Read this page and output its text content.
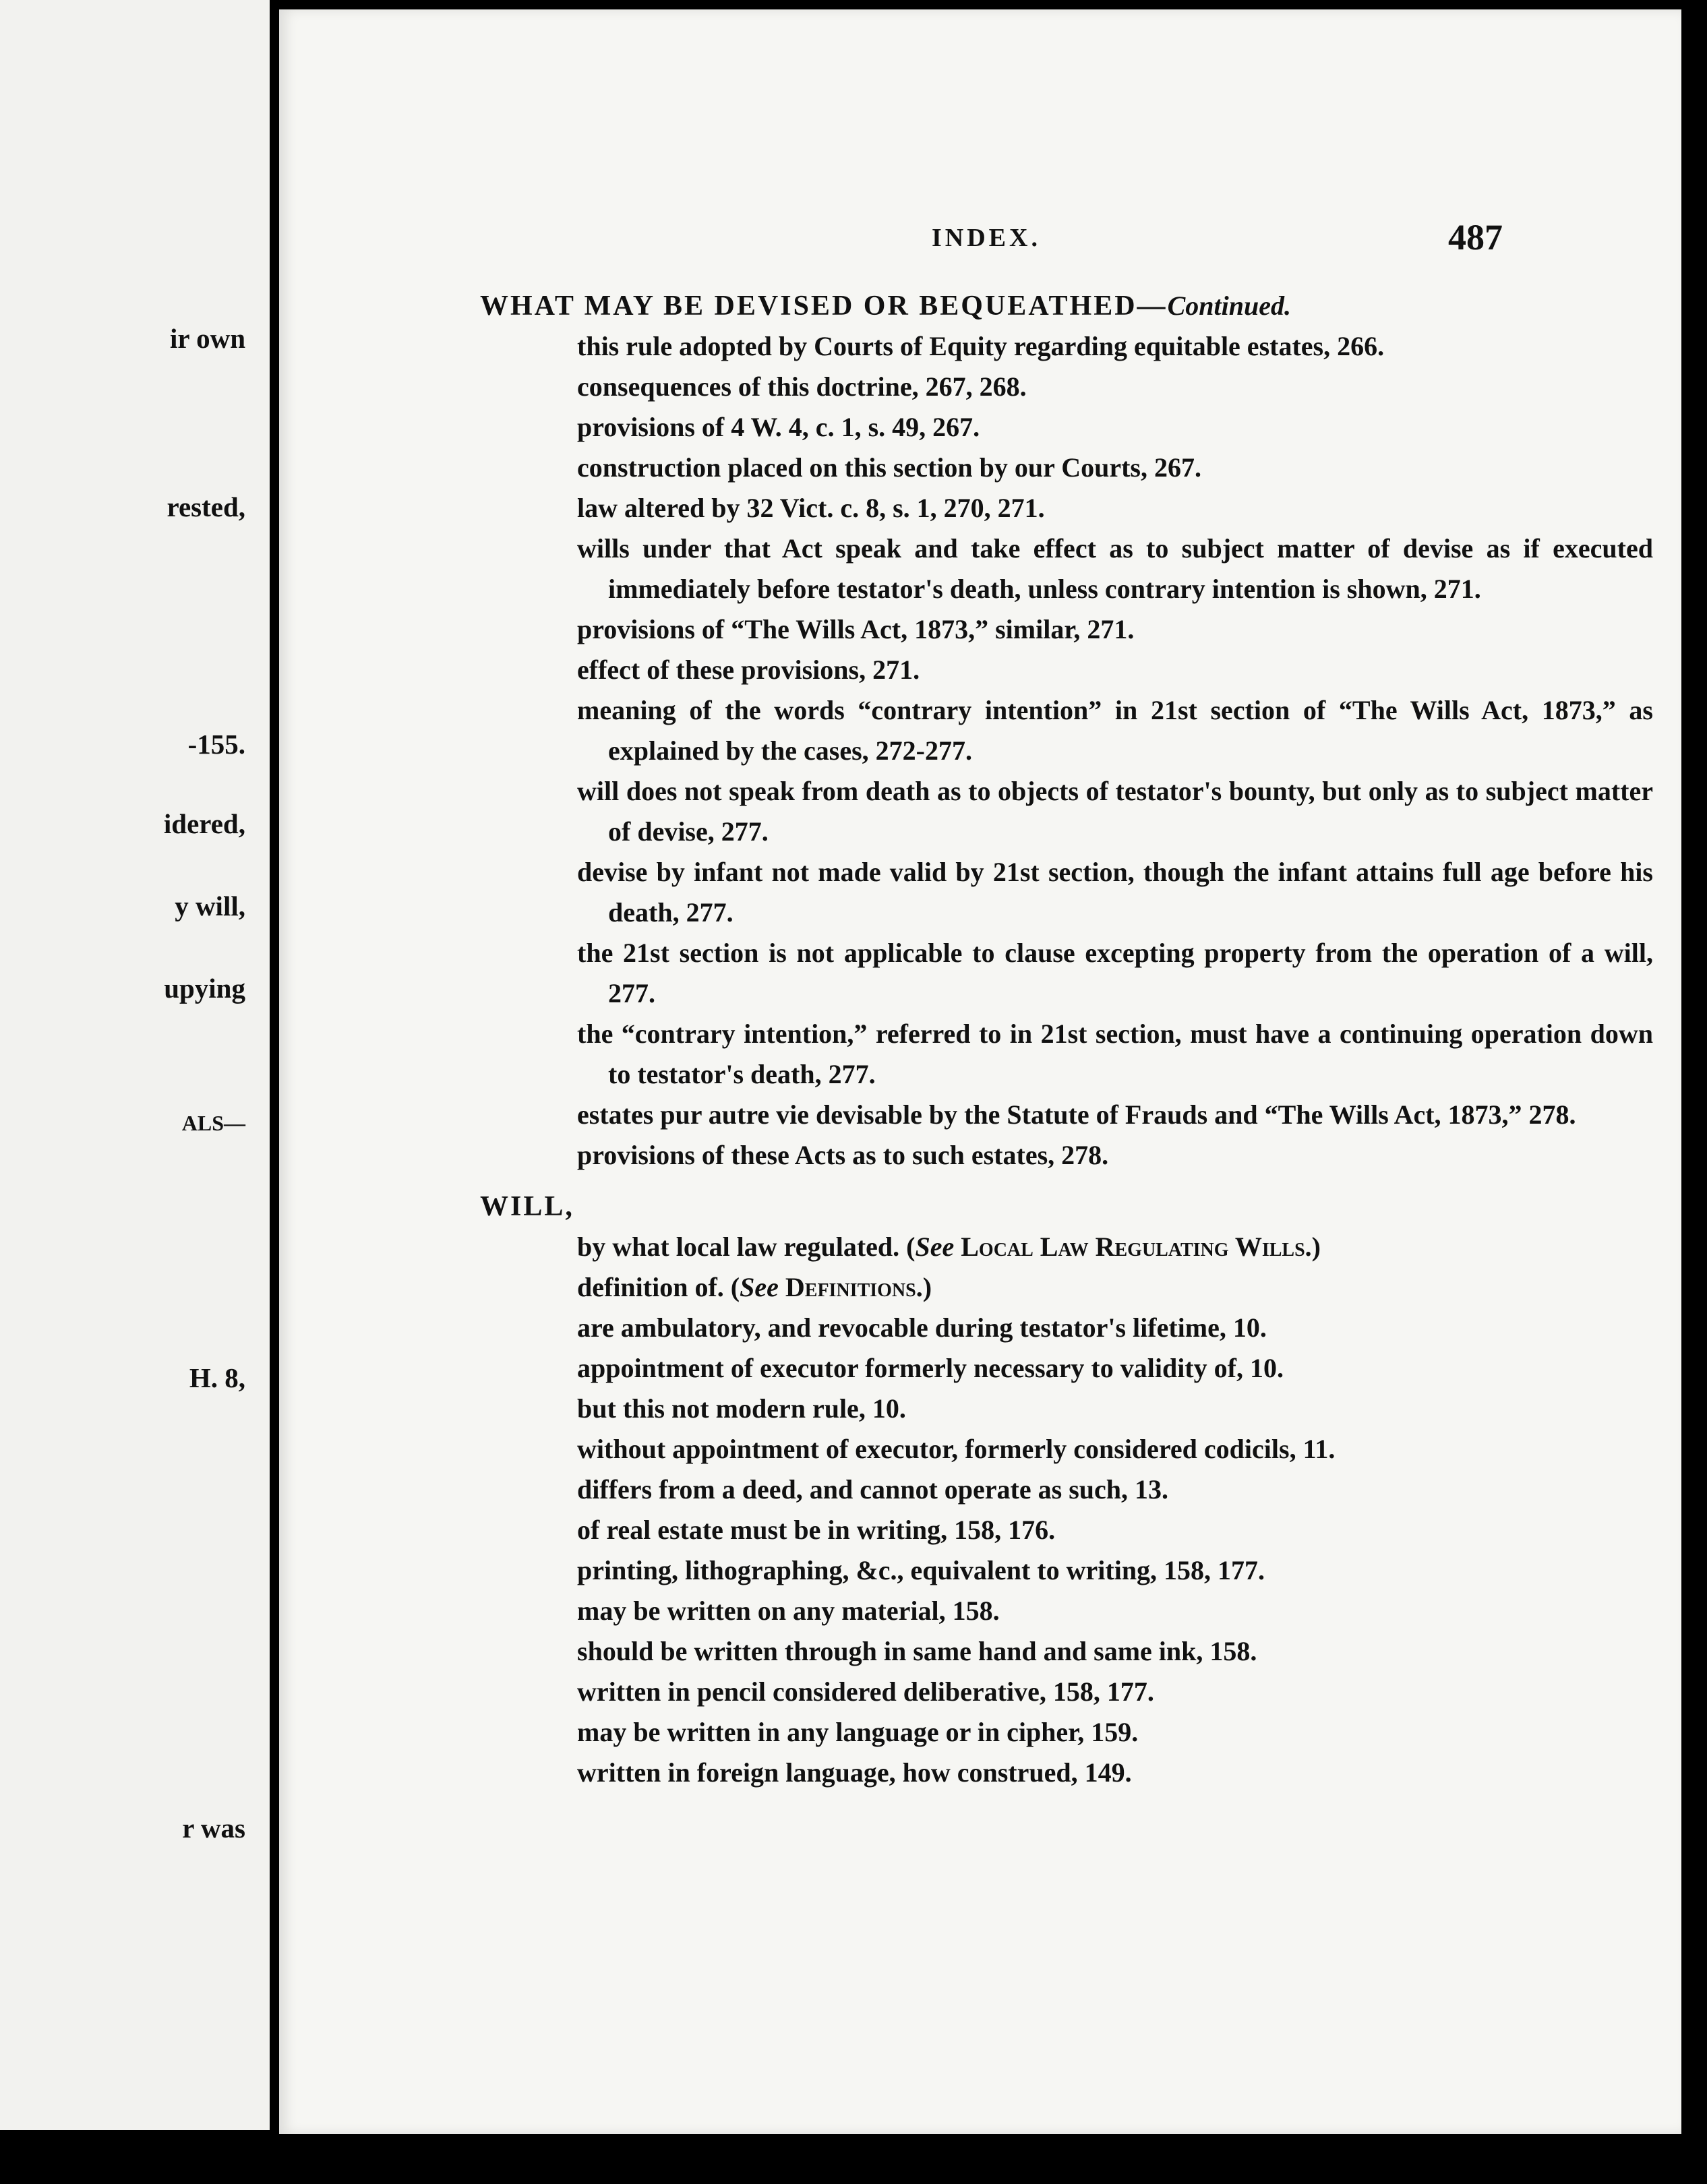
ir own
rested,
-155.
idered,
y will,
upying
ALS—
H. 8,
r was
INDEX.	487
WHAT MAY BE DEVISED OR BEQUEATHED—Continued.
this rule adopted by Courts of Equity regarding equitable estates, 266.
consequences of this doctrine, 267, 268.
provisions of 4 W. 4, c. 1, s. 49, 267.
construction placed on this section by our Courts, 267.
law altered by 32 Vict. c. 8, s. 1, 270, 271.
wills under that Act speak and take effect as to subject matter of devise as if executed immediately before testator's death, unless contrary intention is shown, 271.
provisions of “The Wills Act, 1873,” similar, 271.
effect of these provisions, 271.
meaning of the words “contrary intention” in 21st section of “The Wills Act, 1873,” as explained by the cases, 272-277.
will does not speak from death as to objects of testator's bounty, but only as to subject matter of devise, 277.
devise by infant not made valid by 21st section, though the infant attains full age before his death, 277.
the 21st section is not applicable to clause excepting property from the operation of a will, 277.
the “contrary intention,” referred to in 21st section, must have a continuing operation down to testator's death, 277.
estates pur autre vie devisable by the Statute of Frauds and “The Wills Act, 1873,” 278.
provisions of these Acts as to such estates, 278.
WILL,
by what local law regulated. (See Local Law Regulating Wills.)
definition of. (See Definitions.)
are ambulatory, and revocable during testator's lifetime, 10.
appointment of executor formerly necessary to validity of, 10.
but this not modern rule, 10.
without appointment of executor, formerly considered codicils, 11.
differs from a deed, and cannot operate as such, 13.
of real estate must be in writing, 158, 176.
printing, lithographing, &c., equivalent to writing, 158, 177.
may be written on any material, 158.
should be written through in same hand and same ink, 158.
written in pencil considered deliberative, 158, 177.
may be written in any language or in cipher, 159.
written in foreign language, how construed, 149.
